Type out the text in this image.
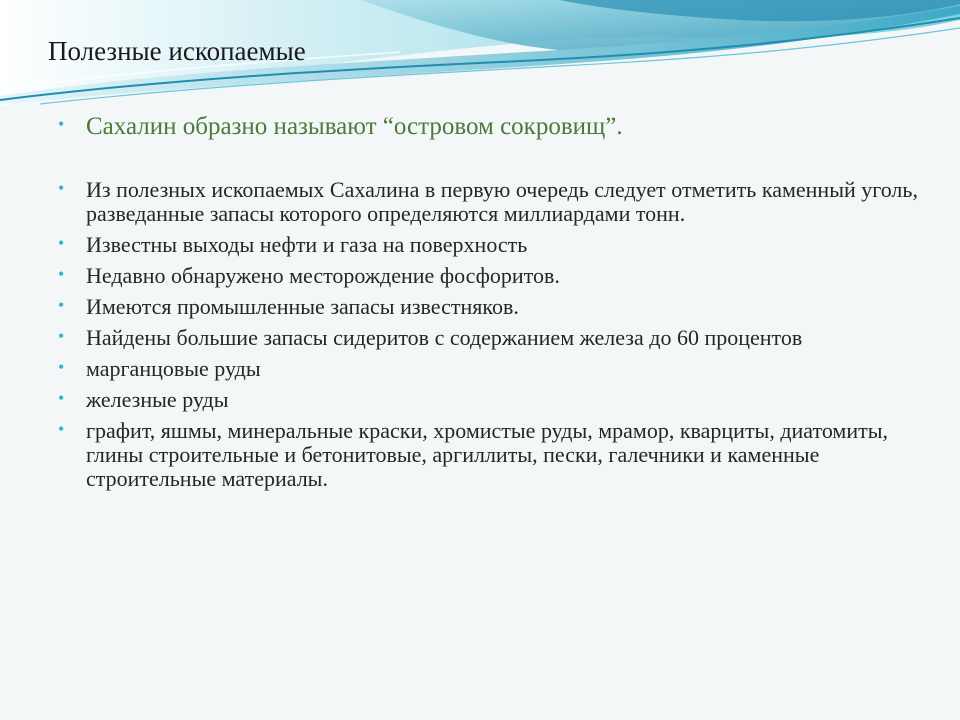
Полезные ископаемые
• Сахалин образно называют “островом сокровищ”.
• Из полезных ископаемых Сахалина в первую очередь следует отметить каменный уголь, разведанные запасы которого определяются миллиардами тонн.
• Известны выходы нефти и газа на поверхность
• Недавно обнаружено месторождение фосфоритов.
• Имеются промышленные запасы известняков.
• Найдены большие запасы сидеритов с содержанием железа до 60 процентов
• марганцовые руды
• железные руды
• графит, яшмы, минеральные краски, хромистые руды, мрамор, кварциты, диатомиты, глины строительные и бетонитовые, аргиллиты, пески, галечники и каменные строительные материалы.
